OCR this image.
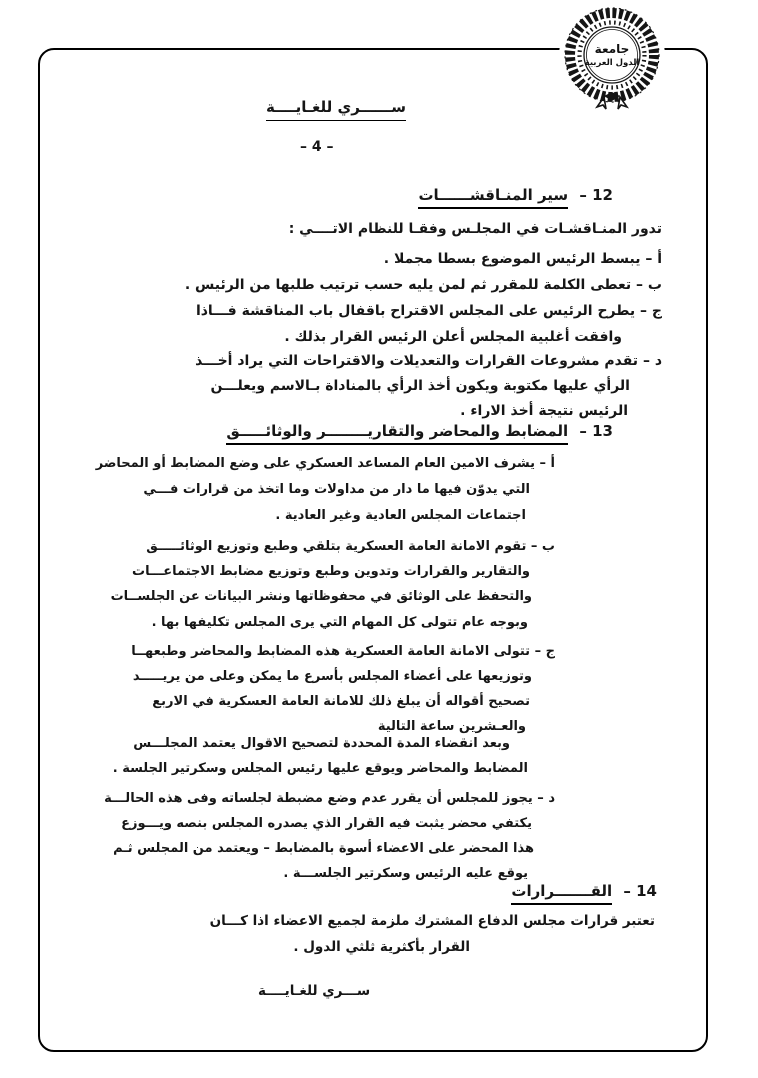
جامعة
الدول العربية
ســــــري للغـايــــة
– 4 –
12 – سير المنـاقشــــــات
تدور المنـاقشـات في المجلـس وفقـا للنظام الاتــــي :
أ – يبسط الرئيس الموضوع بسطا مجملا .
ب – تعطى الكلمة للمقرر ثم لمن يليه حسب ترتيب طلبها من الرئيس .
ج – يطرح الرئيس على المجلس الاقتراح باقفال باب المناقشة فـــاذا
وافقت أغلبية المجلس أعلن الرئيس القرار بذلك .
د – تقدم مشروعات القرارات والتعديلات والاقتراحات التي يراد أخـــذ
الرأي عليها مكتوبة ويكون أخذ الرأي بالمناداة بـالاسم ويعلـــن
الرئيس نتيجة أخذ الاراء .
13 – المضابط والمحاضر والتقاريــــــــر والوثائـــــق
أ – يشرف الامين العام المساعد العسكري على وضع المضابط أو المحاضر
التي يدوّن فيها ما دار من مداولات وما اتخذ من قرارات فـــي
اجتماعات المجلس العادية وغير العادية .
ب – تقوم الامانة العامة العسكرية بتلقي وطبع وتوزيع الوثائـــــق
والتقارير والقرارات وتدوين وطبع وتوزيع مضابط الاجتماعـــات
والتحفظ على الوثائق في محفوظاتها ونشر البيانات عن الجلســات
وبوجه عام تتولى كل المهام التي يرى المجلس تكليفها بها .
ج – تتولى الامانة العامة العسكرية هذه المضابط والمحاضر وطبعهــا
وتوزيعها على أعضاء المجلس بأسرع ما يمكن وعلى من يريـــــد
تصحيح أقواله أن يبلغ ذلك للامانة العامة العسكرية في الاربع
والعـشرين ساعة التالية
وبعد انقضاء المدة المحددة لتصحيح الاقوال يعتمد المجلـــس
المضابط والمحاضر ويوقع عليها رئيس المجلس وسكرتير الجلسة .
د – يجوز للمجلس أن يقرر عدم وضع مضبطة لجلساته وفى هذه الحالـــة
يكتفي محضر يثبت فيه القرار الذي يصدره المجلس بنصه ويـــوزع
هذا المحضر على الاعضاء أسوة بالمضابط – ويعتمد من المجلس ثـم
يوقع عليه الرئيس وسكرتير الجلســـة .
14 – القـــــــرارات
تعتبر قرارات مجلس الدفاع المشترك ملزمة لجميع الاعضاء اذا كـــان
القرار بأكثرية ثلثي الدول .
ســـري للغـايــــة
